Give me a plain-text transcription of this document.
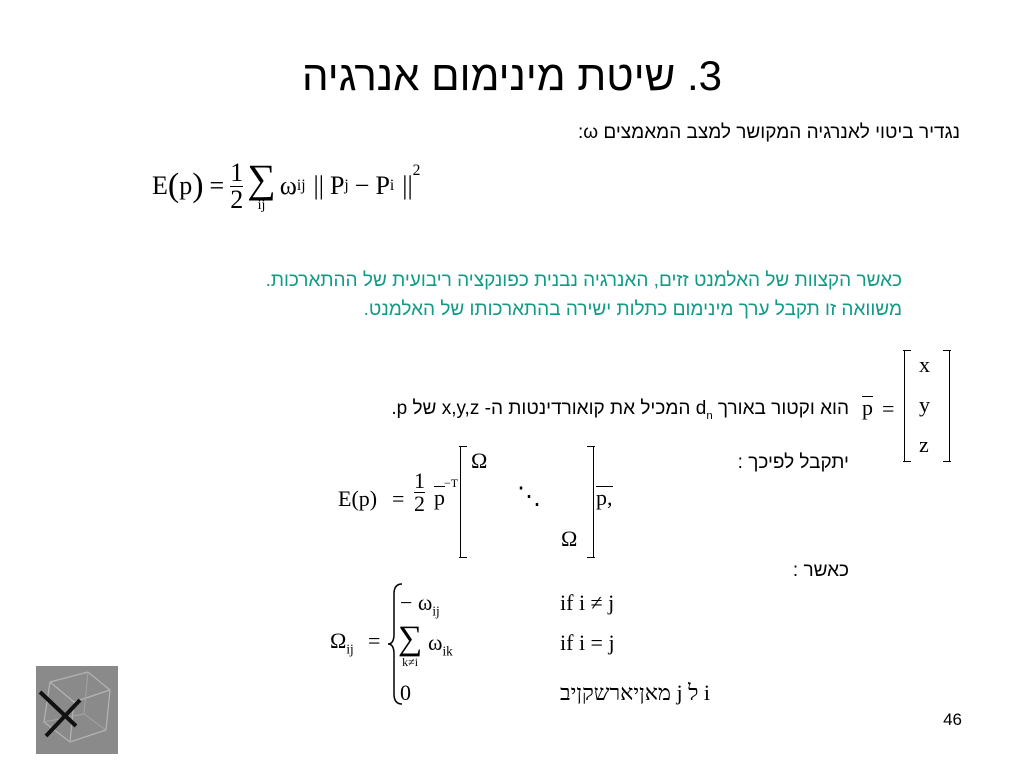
3. שיטת מינימום אנרגיה
נגדיר ביטוי לאנרגיה המקושר למצב המאמצים ω:
E ( p ) = $\frac{1}{2}$ ∑
ij
ω ij || P j − P i ||
$^2$
כאשר הקצוות של האלמנט זזים, האנרגיה נבנית כפונקציה ריבועית של ההתארכות.
משוואה זו תקבל ערך מינימום כתלות ישירה בהתארכותו של האלמנט.
p =
x
y
z
הוא וקטור באורך $d_n$ המכיל את קואורדינטות ה- x,y,z של p.
יתקבל לפיכך :
$E(p) = \frac{1}{2}$ p
−T
Ω
⋱
Ω
p,
כאשר :
$\Omega_{ij}$ =
− $\omega_{ij}$	if i ≠ j
∑
k≠i
$\omega_{ik}$	if i = j
0	מאןיארשקןיב j ל i
46
